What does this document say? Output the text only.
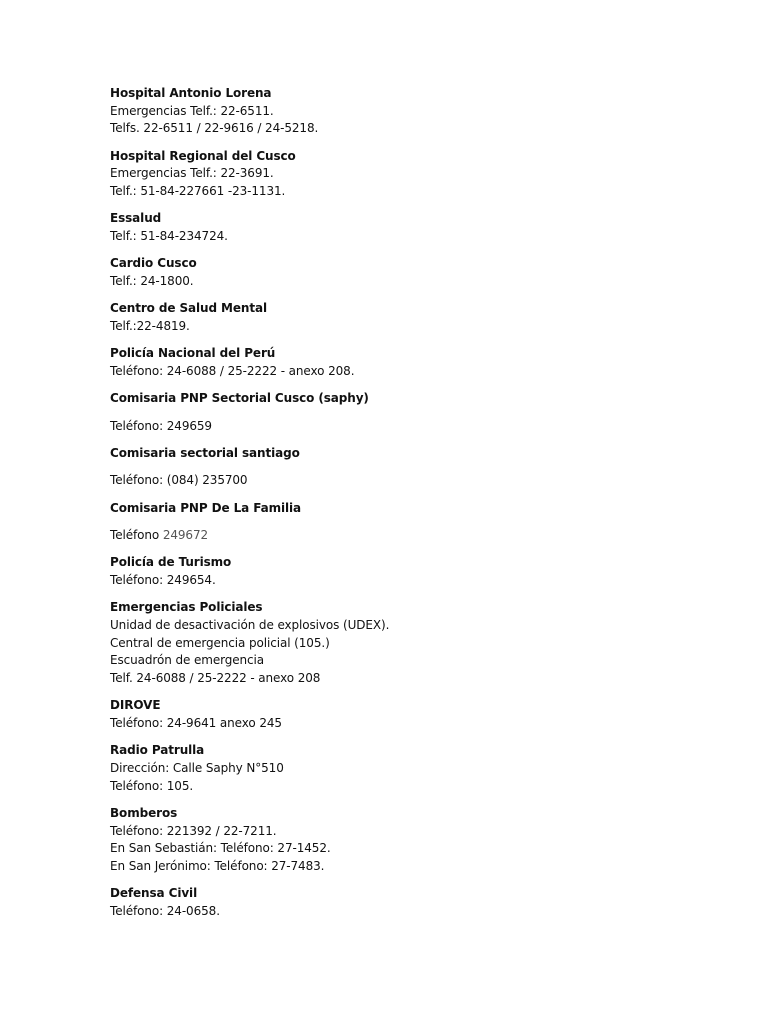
Hospital Antonio Lorena
Emergencias Telf.: 22-6511.
Telfs. 22-6511 / 22-9616 / 24-5218.
Hospital Regional del Cusco
Emergencias Telf.: 22-3691.
Telf.: 51-84-227661 -23-1131.
Essalud
Telf.: 51-84-234724.
Cardio Cusco
Telf.: 24-1800.
Centro de Salud Mental
Telf.:22-4819.
Policía Nacional del Perú
Teléfono: 24-6088 / 25-2222 - anexo 208.
Comisaria PNP Sectorial Cusco (saphy)
Teléfono: 249659
Comisaria sectorial santiago
Teléfono: (084) 235700
Comisaria PNP De La Familia
Teléfono 249672
Policía de Turismo
Teléfono: 249654.
Emergencias Policiales
Unidad de desactivación de explosivos (UDEX).
Central de emergencia policial (105.)
Escuadrón de emergencia
Telf. 24-6088 / 25-2222 - anexo 208
DIROVE
Teléfono: 24-9641 anexo 245
Radio Patrulla
Dirección: Calle Saphy N°510
Teléfono: 105.
Bomberos
Teléfono: 221392 / 22-7211.
En San Sebastián: Teléfono: 27-1452.
En San Jerónimo: Teléfono: 27-7483.
Defensa Civil
Teléfono: 24-0658.
